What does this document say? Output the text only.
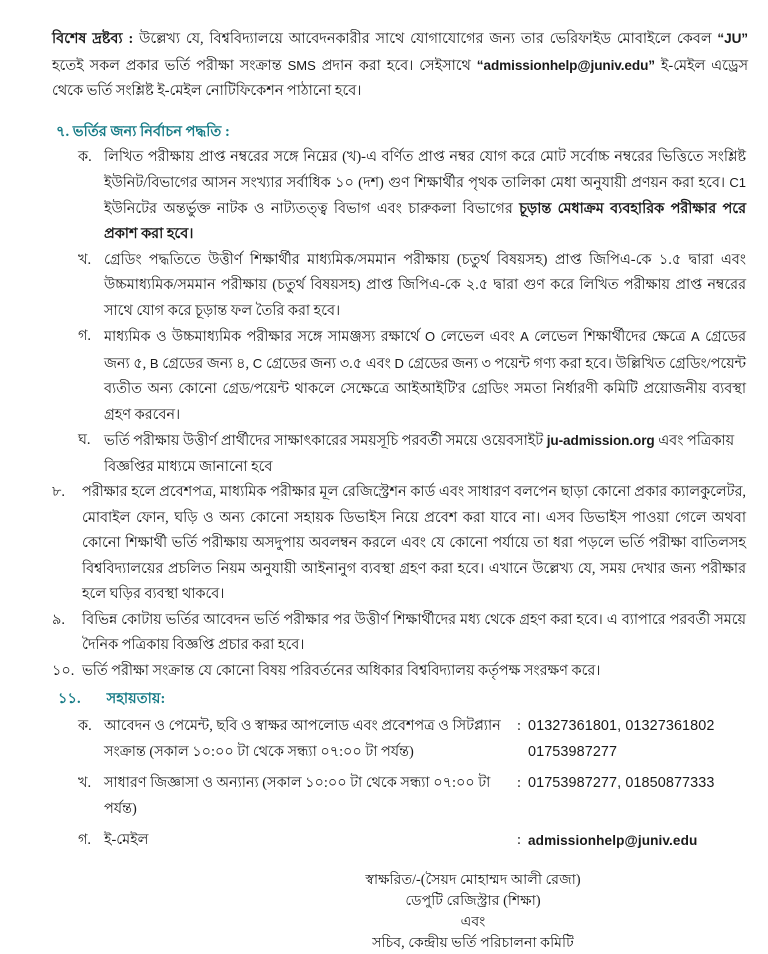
বিশেষ দ্রষ্টব্য : উল্লেখ্য যে, বিশ্ববিদ্যালয়ে আবেদনকারীর সাথে যোগাযোগের জন্য তার ভেরিফাইড মোবাইলে কেবল “JU” হতেই সকল প্রকার ভর্তি পরীক্ষা সংক্রান্ত SMS প্রদান করা হবে। সেইসাথে “admissionhelp@juniv.edu” ই-মেইল এড্রেস থেকে ভর্তি সংশ্লিষ্ট ই-মেইল নোটিফিকেশন পাঠানো হবে।

৭. ভর্তির জন্য নির্বাচন পদ্ধতি :
ক. লিখিত পরীক্ষায় প্রাপ্ত নম্বরের সঙ্গে নিম্নের (খ)-এ বর্ণিত প্রাপ্ত নম্বর যোগ করে মোট সর্বোচ্চ নম্বরের ভিত্তিতে সংশ্লিষ্ট ইউনিট/বিভাগের আসন সংখ্যার সর্বাধিক ১০ (দশ) গুণ শিক্ষার্থীর পৃথক তালিকা মেধা অনুযায়ী প্রণয়ন করা হবে। C1 ইউনিটের অন্তর্ভুক্ত নাটক ও নাট্যতত্ত্ব বিভাগ এবং চারুকলা বিভাগের চূড়ান্ত মেধাক্রম ব্যবহারিক পরীক্ষার পরে প্রকাশ করা হবে।
খ. গ্রেডিং পদ্ধতিতে উত্তীর্ণ শিক্ষার্থীর মাধ্যমিক/সমমান পরীক্ষায় (চতুর্থ বিষয়সহ) প্রাপ্ত জিপিএ-কে ১.৫ দ্বারা এবং উচ্চমাধ্যমিক/সমমান পরীক্ষায় (চতুর্থ বিষয়সহ) প্রাপ্ত জিপিএ-কে ২.৫ দ্বারা গুণ করে লিখিত পরীক্ষায় প্রাপ্ত নম্বরের সাথে যোগ করে চূড়ান্ত ফল তৈরি করা হবে।
গ. মাধ্যমিক ও উচ্চমাধ্যমিক পরীক্ষার সঙ্গে সামঞ্জস্য রক্ষার্থে O লেভেল এবং A লেভেল শিক্ষার্থীদের ক্ষেত্রে A গ্রেডের জন্য ৫, B গ্রেডের জন্য ৪, C গ্রেডের জন্য ৩.৫ এবং D গ্রেডের জন্য ৩ পয়েন্ট গণ্য করা হবে। উল্লিখিত গ্রেডিং/পয়েন্ট ব্যতীত অন্য কোনো গ্রেড/পয়েন্ট থাকলে সেক্ষেত্রে আইআইটি'র গ্রেডিং সমতা নির্ধারণী কমিটি প্রয়োজনীয় ব্যবস্থা গ্রহণ করবেন।
ঘ. ভর্তি পরীক্ষায় উত্তীর্ণ প্রার্থীদের সাক্ষাৎকারের সময়সূচি পরবর্তী সময়ে ওয়েবসাইট ju-admission.org এবং পত্রিকায় বিজ্ঞপ্তির মাধ্যমে জানানো হবে
৮.	পরীক্ষার হলে প্রবেশপত্র, মাধ্যমিক পরীক্ষার মূল রেজিস্ট্রেশন কার্ড এবং সাধারণ বলপেন ছাড়া কোনো প্রকার ক্যালকুলেটর, মোবাইল ফোন, ঘড়ি ও অন্য কোনো সহায়ক ডিভাইস নিয়ে প্রবেশ করা যাবে না। এসব ডিভাইস পাওয়া গেলে অথবা কোনো শিক্ষার্থী ভর্তি পরীক্ষায় অসদুপায় অবলম্বন করলে এবং যে কোনো পর্যায়ে তা ধরা পড়লে ভর্তি পরীক্ষা বাতিলসহ বিশ্ববিদ্যালয়ের প্রচলিত নিয়ম অনুযায়ী আইনানুগ ব্যবস্থা গ্রহণ করা হবে। এখানে উল্লেখ্য যে, সময় দেখার জন্য পরীক্ষার হলে ঘড়ির ব্যবস্থা থাকবে।
৯.	বিভিন্ন কোটায় ভর্তির আবেদন ভর্তি পরীক্ষার পর উত্তীর্ণ শিক্ষার্থীদের মধ্য থেকে গ্রহণ করা হবে। এ ব্যাপারে পরবর্তী সময়ে দৈনিক পত্রিকায় বিজ্ঞপ্তি প্রচার করা হবে।
১০. ভর্তি পরীক্ষা সংক্রান্ত যে কোনো বিষয় পরিবর্তনের অধিকার বিশ্ববিদ্যালয় কর্তৃপক্ষ সংরক্ষণ করে।
১১. সহায়তায়:
ক.	আবেদন ও পেমেন্ট, ছবি ও স্বাক্ষর আপলোড এবং প্রবেশপত্র ও সিটপ্ল্যান সংক্রান্ত (সকাল ১০:০০ টা থেকে সন্ধ্যা ০৭:০০ টা পর্যন্ত)	:	01327361801, 01327361802
01753987277

খ.	সাধারণ জিজ্ঞাসা ও অন্যান্য (সকাল ১০:০০ টা থেকে সন্ধ্যা ০৭:০০ টা পর্যন্ত)	:	01753987277, 01850877333
গ.	ই-মেইল	:	admissionhelp@juniv.edu
স্বাক্ষরিত/-(সৈয়দ মোহাম্মদ আলী রেজা)
ডেপুটি রেজিস্ট্রার (শিক্ষা)
এবং
সচিব, কেন্দ্রীয় ভর্তি পরিচালনা কমিটি
